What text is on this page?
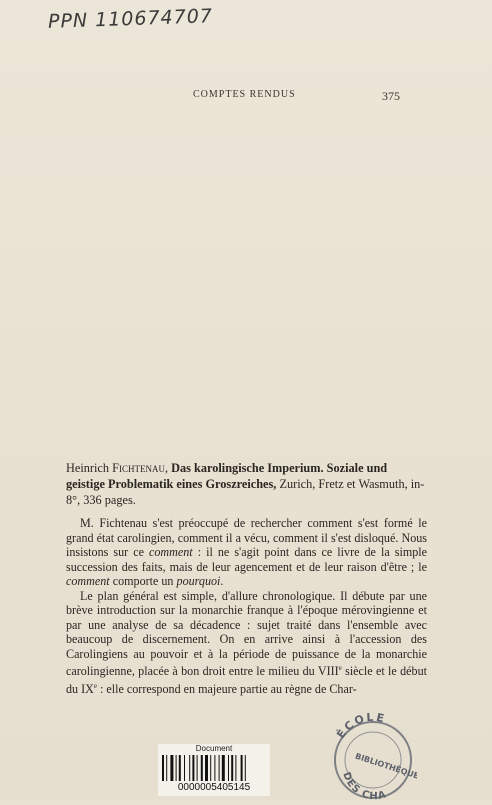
PPN 110674707
COMPTES RENDUS	375
Heinrich Fichtenau, Das karolingische Imperium. Soziale und geistige Problematik eines Groszreiches, Zurich, Fretz et Wasmuth, in-8°, 336 pages.

M. Fichtenau s'est préoccupé de rechercher comment s'est formé le grand état carolingien, comment il a vécu, comment il s'est disloqué. Nous insistons sur ce comment : il ne s'agit point dans ce livre de la simple succession des faits, mais de leur agencement et de leur raison d'être ; le comment comporte un pourquoi.

Le plan général est simple, d'allure chronologique. Il débute par une brève introduction sur la monarchie franque à l'époque mérovingienne et par une analyse de sa décadence : sujet traité dans l'ensemble avec beaucoup de discernement. On en arrive ainsi à l'accession des Carolingiens au pouvoir et à la période de puissance de la monarchie carolingienne, placée à bon droit entre le milieu du VIIIe siècle et le début du IXe : elle correspond en majeure partie au règne de Char-

ÉCOLE
BIBLIOTHÈQUE
DES CHA
Document
0000005405145
